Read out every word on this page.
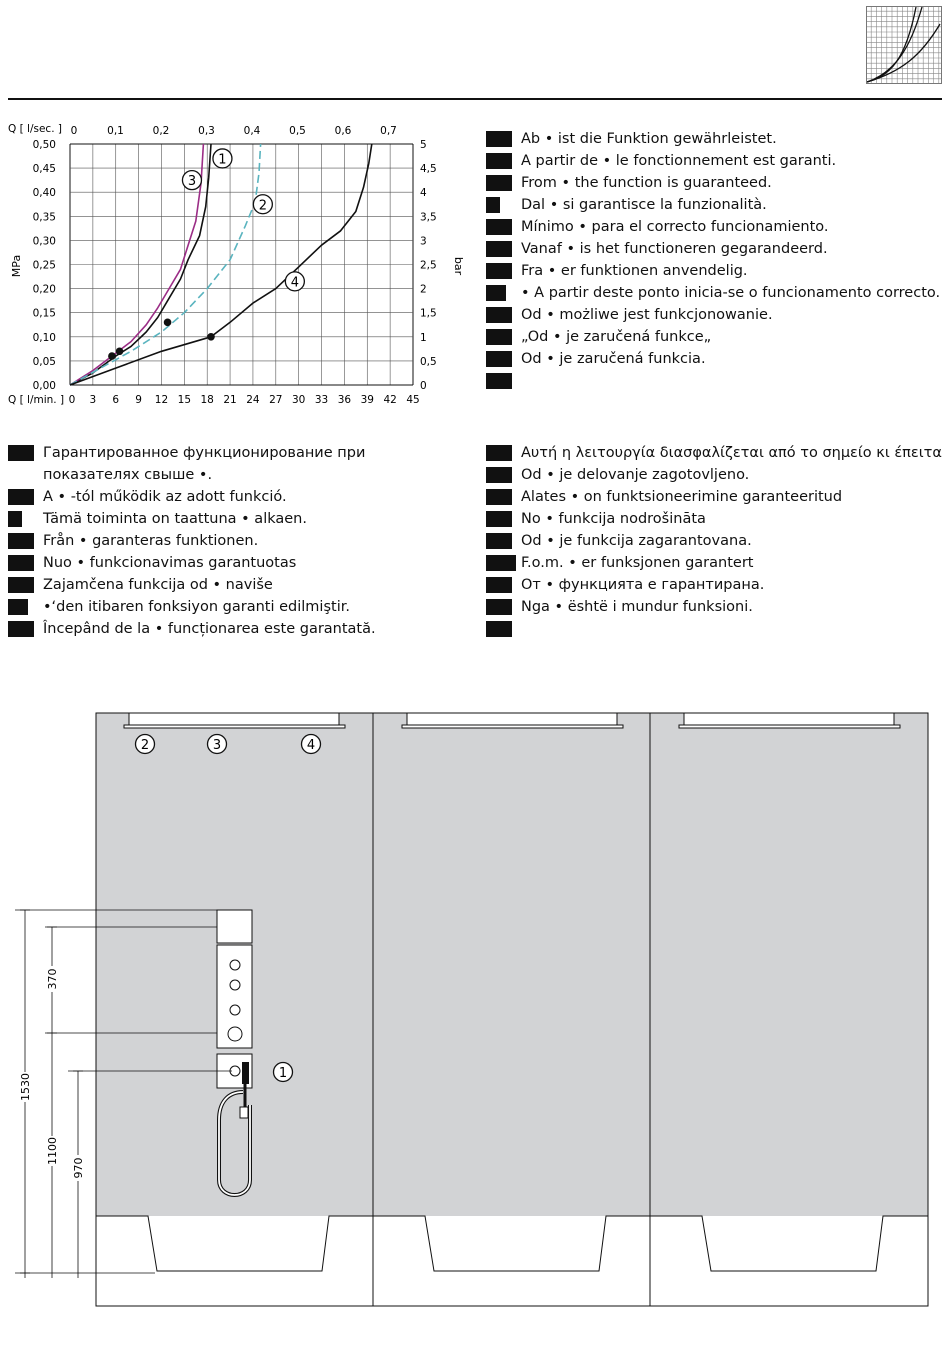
0	0,1	0,2	0,3	0,4	0,5	0,6	0,7
0 3 6 9 12 15 18 21 24 27 30 33 36 39 42 45
0,00
0,05
0,10
0,15
0,20
0,25
0,30
0,35
0,40
0,45
0,50
0
0,5
1
1,5
2
2,5
3
3,5
4
4,5
5
Q [ l/sec. ]
Q [ l/min. ]
MPa	bar
1
3
2
4
Ab • ist die Funktion gewährleistet.
A partir de • le fonctionnement est garanti.
From • the function is guaranteed.
Dal • si garantisce la funzionalità.
Mínimo • para el correcto funcionamiento.
Vanaf • is het functioneren gegarandeerd.
Fra • er funktionen anvendelig.
• A partir deste ponto inicia-se o funcionamento correcto.
Od • możliwe jest funkcjonowanie.
„Od • je zaručená funkce„
Od • je zaručená funkcia.
Гарантированное функционирование при показателях свыше •.
A • -tól működik az adott funkció.
Tämä toiminta on taattuna • alkaen.
Från • garanteras funktionen.
Nuo • funkcionavimas garantuotas
Zajamčena funkcija od • naviše
•‘den itibaren fonksiyon garanti edilmiştir.
Începând de la • funcționarea este garantată.
Αυτή η λειτουργία διασφαλίζεται από το σημείο κι έπειτα
Od • je delovanje zagotovljeno.
Alates • on funktsioneerimine garanteeritud
No • funkcija nodrošināta
Od • je funkcija zagarantovana.
F.o.m. • er funksjonen garantert
От • функцията е гарантирана.
Nga • është i mundur funksioni.
1530
1100
370
970
2	3	4
1
